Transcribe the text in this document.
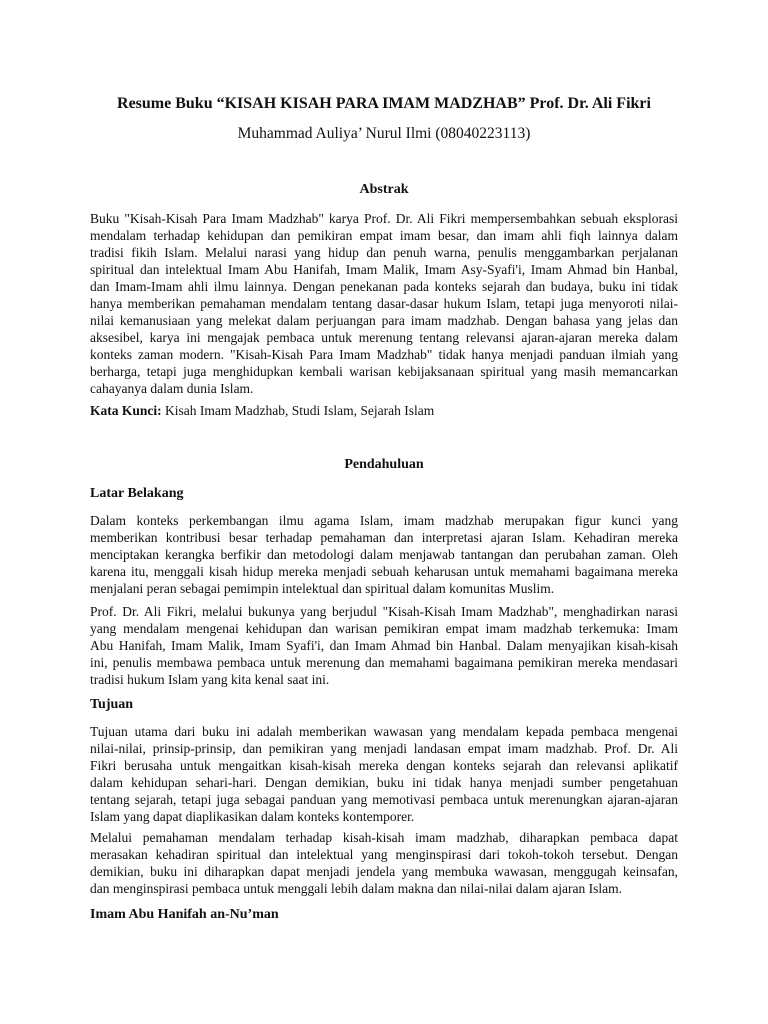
Resume Buku “KISAH KISAH PARA IMAM MADZHAB” Prof. Dr. Ali Fikri
Muhammad Auliya’ Nurul Ilmi (08040223113)
Abstrak
Buku "Kisah-Kisah Para Imam Madzhab" karya Prof. Dr. Ali Fikri mempersembahkan sebuah eksplorasi
mendalam terhadap kehidupan dan pemikiran empat imam besar, dan imam ahli fiqh lainnya dalam
tradisi fikih Islam. Melalui narasi yang hidup dan penuh warna, penulis menggambarkan perjalanan
spiritual dan intelektual Imam Abu Hanifah, Imam Malik, Imam Asy-Syafi'i, Imam Ahmad bin Hanbal,
dan Imam-Imam ahli ilmu lainnya. Dengan penekanan pada konteks sejarah dan budaya, buku ini tidak
hanya memberikan pemahaman mendalam tentang dasar-dasar hukum Islam, tetapi juga menyoroti nilai-
nilai kemanusiaan yang melekat dalam perjuangan para imam madzhab. Dengan bahasa yang jelas dan
aksesibel, karya ini mengajak pembaca untuk merenung tentang relevansi ajaran-ajaran mereka dalam
konteks zaman modern. "Kisah-Kisah Para Imam Madzhab" tidak hanya menjadi panduan ilmiah yang
berharga, tetapi juga menghidupkan kembali warisan kebijaksanaan spiritual yang masih memancarkan
cahayanya dalam dunia Islam.
Kata Kunci: Kisah Imam Madzhab, Studi Islam, Sejarah Islam
Pendahuluan
Latar Belakang
Dalam konteks perkembangan ilmu agama Islam, imam madzhab merupakan figur kunci yang
memberikan kontribusi besar terhadap pemahaman dan interpretasi ajaran Islam. Kehadiran mereka
menciptakan kerangka berfikir dan metodologi dalam menjawab tantangan dan perubahan zaman. Oleh
karena itu, menggali kisah hidup mereka menjadi sebuah keharusan untuk memahami bagaimana mereka
menjalani peran sebagai pemimpin intelektual dan spiritual dalam komunitas Muslim.
Prof. Dr. Ali Fikri, melalui bukunya yang berjudul "Kisah-Kisah Imam Madzhab", menghadirkan narasi
yang mendalam mengenai kehidupan dan warisan pemikiran empat imam madzhab terkemuka: Imam
Abu Hanifah, Imam Malik, Imam Syafi'i, dan Imam Ahmad bin Hanbal. Dalam menyajikan kisah-kisah
ini, penulis membawa pembaca untuk merenung dan memahami bagaimana pemikiran mereka mendasari
tradisi hukum Islam yang kita kenal saat ini.
Tujuan
Tujuan utama dari buku ini adalah memberikan wawasan yang mendalam kepada pembaca mengenai
nilai-nilai, prinsip-prinsip, dan pemikiran yang menjadi landasan empat imam madzhab. Prof. Dr. Ali
Fikri berusaha untuk mengaitkan kisah-kisah mereka dengan konteks sejarah dan relevansi aplikatif
dalam kehidupan sehari-hari. Dengan demikian, buku ini tidak hanya menjadi sumber pengetahuan
tentang sejarah, tetapi juga sebagai panduan yang memotivasi pembaca untuk merenungkan ajaran-ajaran
Islam yang dapat diaplikasikan dalam konteks kontemporer.
Melalui pemahaman mendalam terhadap kisah-kisah imam madzhab, diharapkan pembaca dapat
merasakan kehadiran spiritual dan intelektual yang menginspirasi dari tokoh-tokoh tersebut. Dengan
demikian, buku ini diharapkan dapat menjadi jendela yang membuka wawasan, menggugah keinsafan,
dan menginspirasi pembaca untuk menggali lebih dalam makna dan nilai-nilai dalam ajaran Islam.
Imam Abu Hanifah an-Nu’man
